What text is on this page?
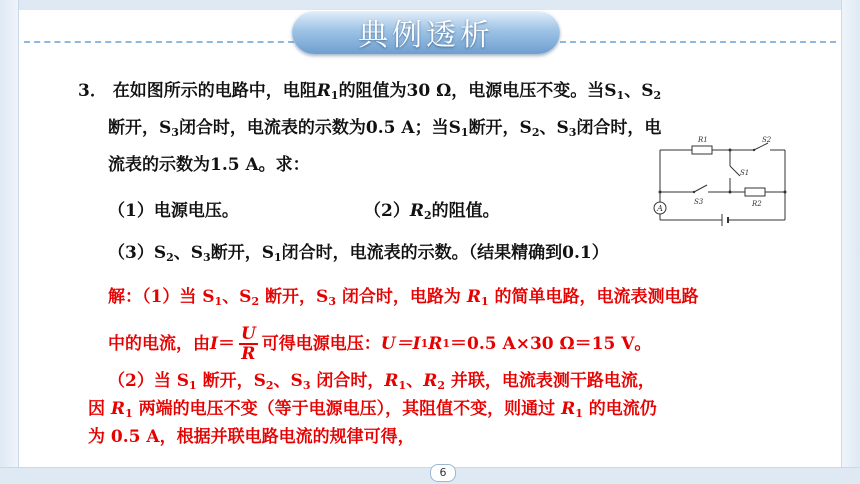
典例透析
3． 在如图所示的电路中，电阻$R_1$的阻值为30 Ω，电源电压不变。当$S_1$、$S_2$
断开，$S_3$闭合时，电流表的示数为0.5 A；当$S_1$断开，$S_2$、$S_3$闭合时，电
流表的示数为1.5 A。求：
（1）电源电压。	$(2)R_2$的阻值。
$(3)S_2$、$S_3$断开，$S_1$闭合时，电流表的示数。（结果精确到0.1）
A
R1
R2
S1
S2
S3
解：（1）当 $S_1$、$S_2$ 断开，$S_3$ 闭合时，电路为 $R_1$ 的简单电路，电流表测电路
中的电流，由 $I = \frac{U}{R}$ 可得电源电压： U＝I 1 R 1 ＝0.5 A×30 Ω＝15 V。
（2）当 $S_1$ 断开，$S_2$、$S_3$ 闭合时，$R_1$、$R_2$ 并联，电流表测干路电流，
因 $R_1$ 两端的电压不变（等于电源电压），其阻值不变，则通过 $R_1$ 的电流仍
为 0.5 A，根据并联电路电流的规律可得，
6
